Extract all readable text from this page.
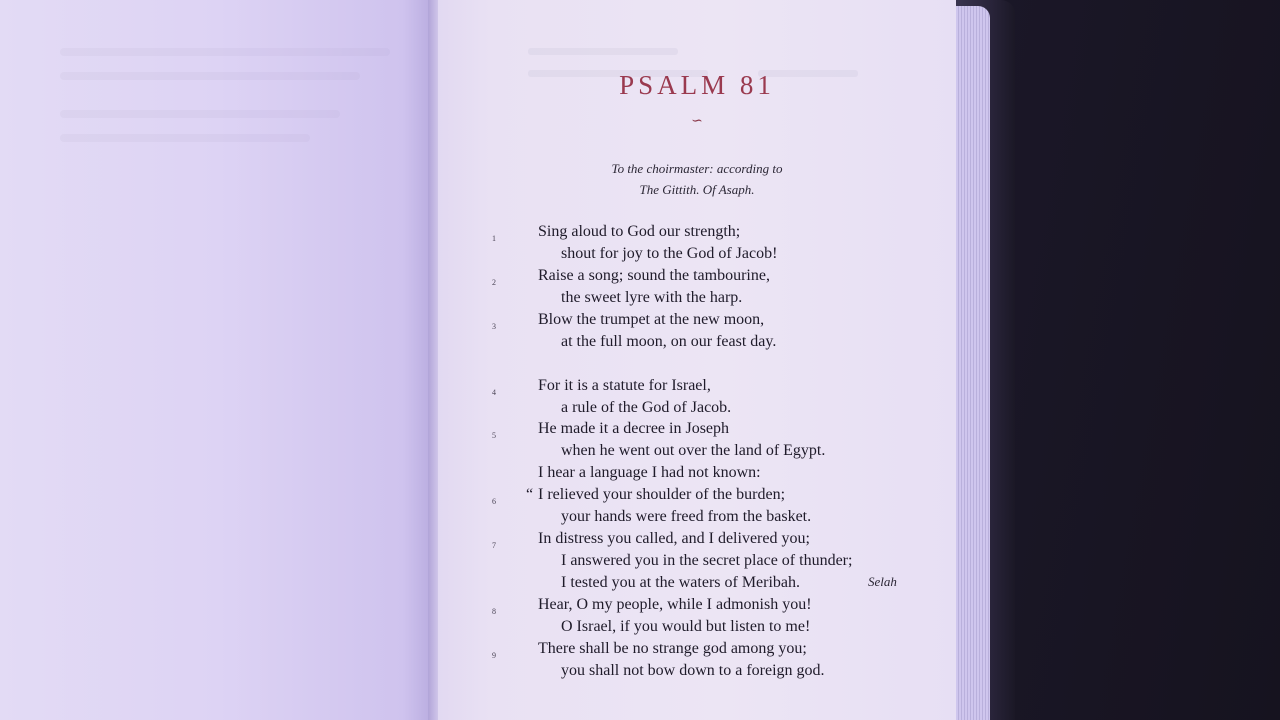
PSALM 81
∽
To the choirmaster: according to
The Gittith. Of Asaph.
1	Sing aloud to God our strength;
shout for joy to the God of Jacob!
2	Raise a song; sound the tambourine,
the sweet lyre with the harp.
3	Blow the trumpet at the new moon,
at the full moon, on our feast day.
4	For it is a statute for Israel,
a rule of the God of Jacob.
5	He made it a decree in Joseph
when he went out over the land of Egypt.
I hear a language I had not known:
6 “ I relieved your shoulder of the burden;
your hands were freed from the basket.
7	In distress you called, and I delivered you;
I answered you in the secret place of thunder;
I tested you at the waters of Meribah.	Selah
8	Hear, O my people, while I admonish you!
O Israel, if you would but listen to me!
9	There shall be no strange god among you;
you shall not bow down to a foreign god.
